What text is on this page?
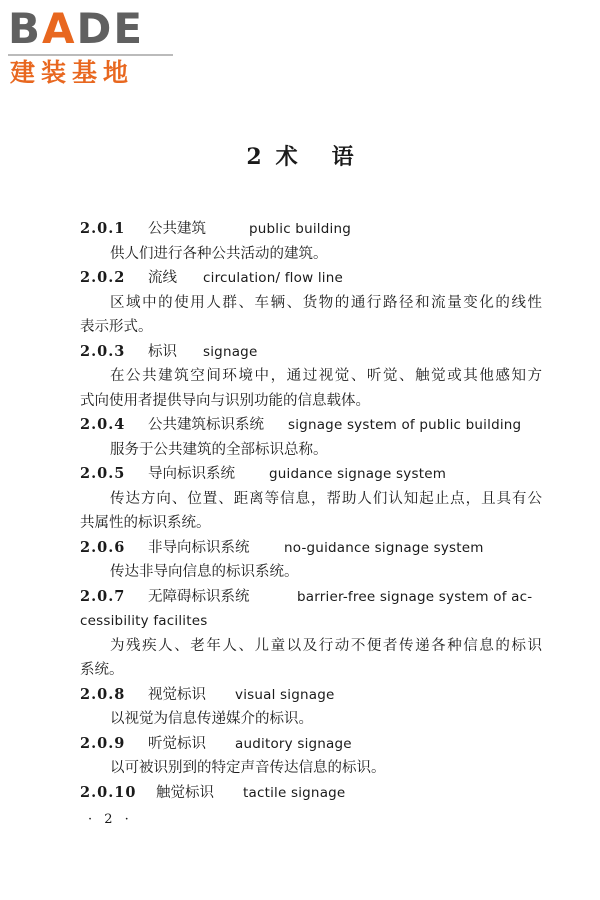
BADE
建装基地
2 术 语
2.0.1 公共建筑	public building
供人们进行各种公共活动的建筑。
2.0.2 流线 circulation/ flow line
区域中的使用人群、车辆、货物的通行路径和流量变化的线性
表示形式。
2.0.3 标识 signage
在公共建筑空间环境中，通过视觉、听觉、触觉或其他感知方
式向使用者提供导向与识别功能的信息载体。
2.0.4 公共建筑标识系统 signage system of public building
服务于公共建筑的全部标识总称。
2.0.5 导向标识系统	guidance signage system
传达方向、位置、距离等信息，帮助人们认知起止点，且具有公
共属性的标识系统。
2.0.6 非导向标识系统	no-guidance signage system
传达非导向信息的标识系统。
2.0.7 无障碍标识系统	barrier-free signage system of ac-
cessibility facilites
为残疾人、老年人、儿童以及行动不便者传递各种信息的标识
系统。
2.0.8 视觉标识 visual signage
以视觉为信息传递媒介的标识。
2.0.9 听觉标识 auditory signage
以可被识别到的特定声音传达信息的标识。
2.0.10 触觉标识 tactile signage
· 2 ·
